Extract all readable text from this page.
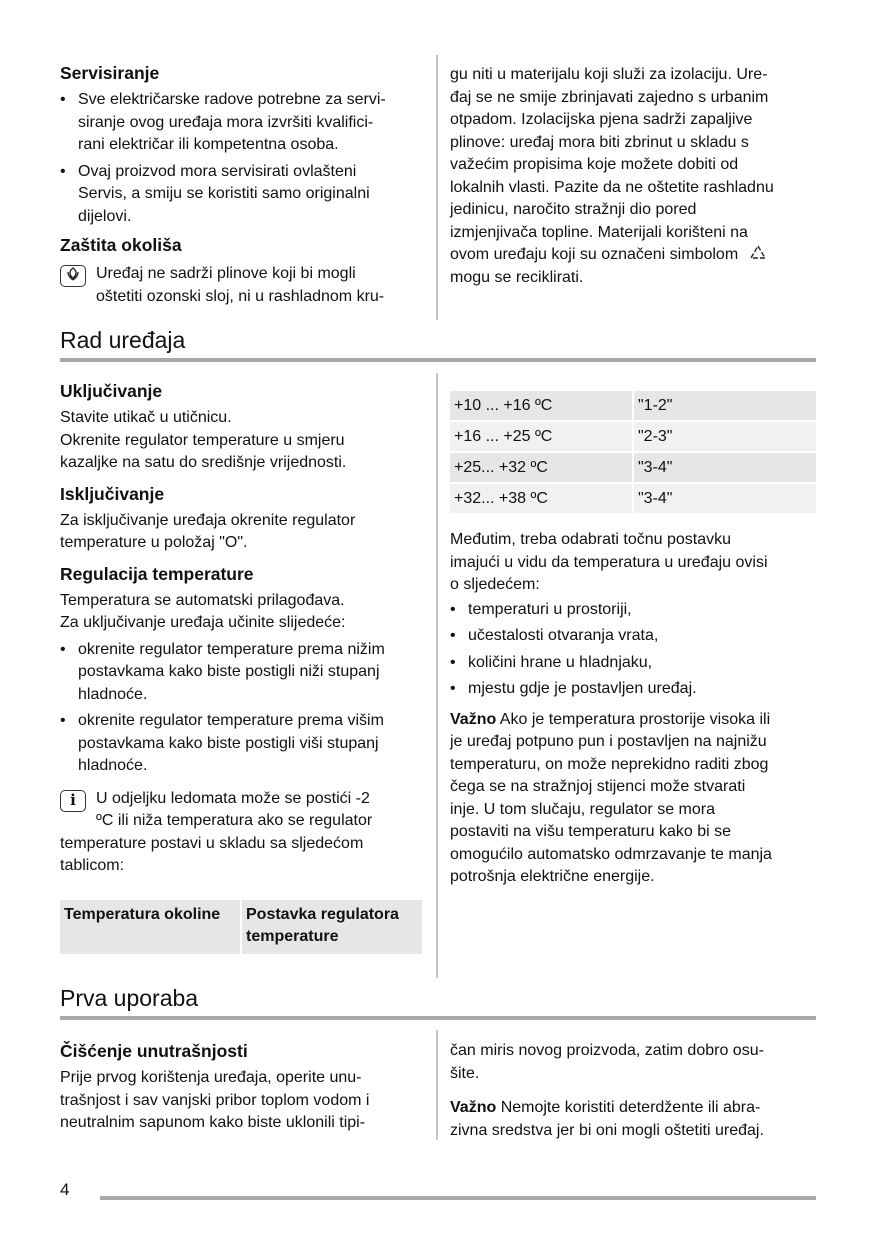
Servisiranje
• Sve električarske radove potrebne za servi-
siranje ovog uređaja mora izvršiti kvalifici-
rani električar ili kompetentna osoba.
• Ovaj proizvod mora servisirati ovlašteni
Servis, a smiju se koristiti samo originalni
dijelovi.
Zaštita okoliša
Uređaj ne sadrži plinove koji bi mogli
oštetiti ozonski sloj, ni u rashladnom kru-
gu niti u materijalu koji služi za izolaciju. Ure-
đaj se ne smije zbrinjavati zajedno s urbanim
otpadom. Izolacijska pjena sadrži zapaljive
plinove: uređaj mora biti zbrinut u skladu s
važećim propisima koje možete dobiti od
lokalnih vlasti. Pazite da ne oštetite rashladnu
jedinicu, naročito stražnji dio pored
izmjenjivača topline. Materijali korišteni na
ovom uređaju koji su označeni simbolom
mogu se reciklirati.
Rad uređaja
Uključivanje
Stavite utikač u utičnicu.
Okrenite regulator temperature u smjeru
kazaljke na satu do središnje vrijednosti.
Isključivanje
Za isključivanje uređaja okrenite regulator
temperature u položaj "O".
Regulacija temperature
Temperatura se automatski prilagođava.
Za uključivanje uređaja učinite slijedeće:
• okrenite regulator temperature prema nižim
postavkama kako biste postigli niži stupanj
hladnoće.
• okrenite regulator temperature prema višim
postavkama kako biste postigli viši stupanj
hladnoće.
i	U odjeljku ledomata može se postići -2
ºC ili niža temperatura ako se regulator
temperature postavi u skladu sa sljedećom
tablicom:
Temperatura okoline	Postavka regulatora temperature
+10 ... +16 ºC	"1-2"
+16 ... +25 ºC	"2-3"
+25... +32 ºC	"3-4"
+32... +38 ºC	"3-4"
Međutim, treba odabrati točnu postavku
imajući u vidu da temperatura u uređaju ovisi
o sljedećem:
• temperaturi u prostoriji,
• učestalosti otvaranja vrata,
• količini hrane u hladnjaku,
• mjestu gdje je postavljen uređaj.
Važno Ako je temperatura prostorije visoka ili
je uređaj potpuno pun i postavljen na najnižu
temperaturu, on može neprekidno raditi zbog
čega se na stražnjoj stijenci može stvarati
inje. U tom slučaju, regulator se mora
postaviti na višu temperaturu kako bi se
omogućilo automatsko odmrzavanje te manja
potrošnja električne energije.
Prva uporaba
Čišćenje unutrašnjosti
Prije prvog korištenja uređaja, operite unu-
trašnjost i sav vanjski pribor toplom vodom i
neutralnim sapunom kako biste uklonili tipi-
čan miris novog proizvoda, zatim dobro osu-
šite.
Važno Nemojte koristiti deterdžente ili abra-
zivna sredstva jer bi oni mogli oštetiti uređaj.
4
